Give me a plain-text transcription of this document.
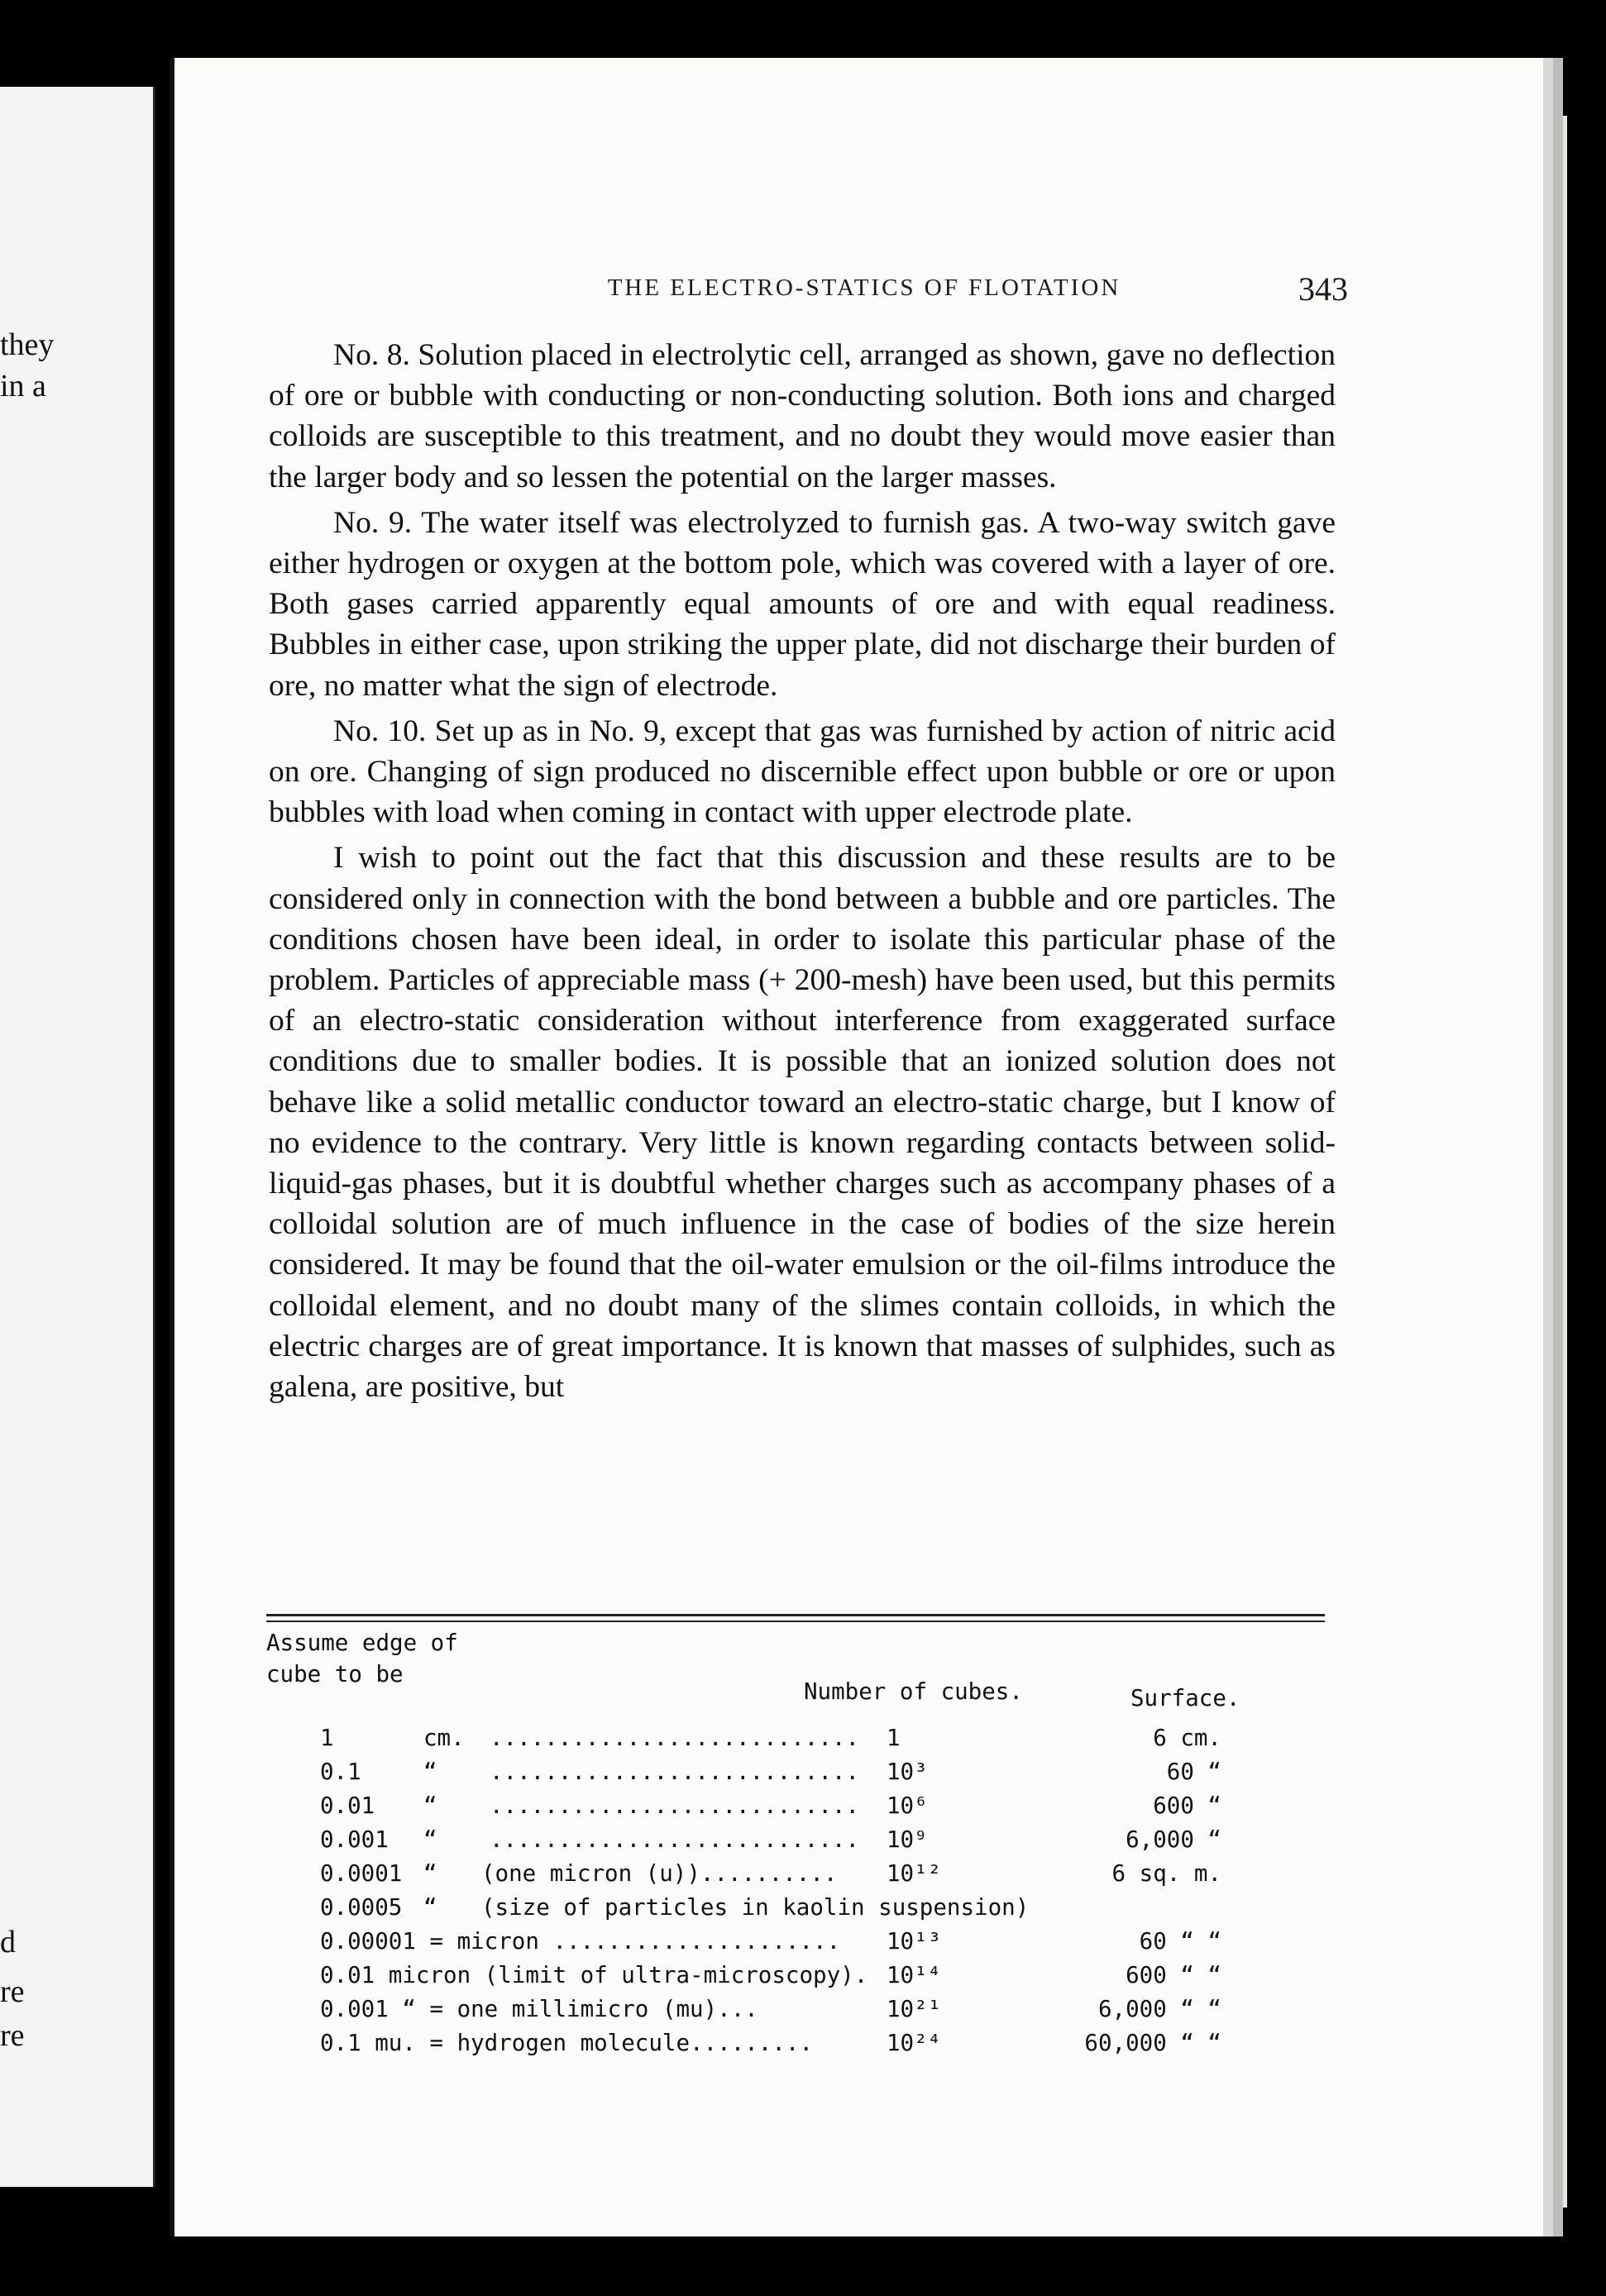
they
in a
d
re
re
THE ELECTRO-STATICS OF FLOTATION	343

No. 8. Solution placed in electrolytic cell, arranged as shown, gave no deflection of ore or bubble with conducting or non-conducting solution. Both ions and charged colloids are susceptible to this treatment, and no doubt they would move easier than the larger body and so lessen the potential on the larger masses.

No. 9. The water itself was electrolyzed to furnish gas. A two-way switch gave either hydrogen or oxygen at the bottom pole, which was covered with a layer of ore. Both gases carried apparently equal amounts of ore and with equal readiness. Bubbles in either case, upon striking the upper plate, did not discharge their burden of ore, no matter what the sign of electrode.

No. 10. Set up as in No. 9, except that gas was furnished by action of nitric acid on ore. Changing of sign produced no discernible effect upon bubble or ore or upon bubbles with load when coming in contact with upper electrode plate.

I wish to point out the fact that this discussion and these results are to be considered only in connection with the bond between a bubble and ore particles. The conditions chosen have been ideal, in order to isolate this particular phase of the problem. Particles of appreciable mass (+ 200-mesh) have been used, but this permits of an electro-static consideration without interference from exaggerated surface conditions due to smaller bodies. It is possible that an ionized solution does not behave like a solid metallic conductor toward an electro-static charge, but I know of no evidence to the contrary. Very little is known regarding contacts between solid-liquid-gas phases, but it is doubtful whether charges such as accompany phases of a colloidal solution are of much influence in the case of bodies of the size herein considered. It may be found that the oil-water emulsion or the oil-films introduce the colloidal element, and no doubt many of the slimes contain colloids, in which the electric charges are of great importance. It is known that masses of sulphides, such as galena, are positive, but

Assume edge of
cube to be
Number of cubes.	Surface.
1	cm. ........................... 1	6 cm.
0.1	“ ........................... 10³	60 “
0.01 “ ........................... 10⁶	600 “
0.001 “ ........................... 10⁹	6,000 “
0.0001 “ (one micron (u)).......... 10¹²	6 sq. m.
0.0005 “ (size of particles in kaolin suspension)
0.00001 = micron ..................... 10¹³	60 “ “
0.01 micron (limit of ultra-microscopy). 10¹⁴	600 “ “
0.001 “ = one millimicro (mu)...	10²¹	6,000 “ “
0.1 mu. = hydrogen molecule.........	10²⁴	60,000 “ “
